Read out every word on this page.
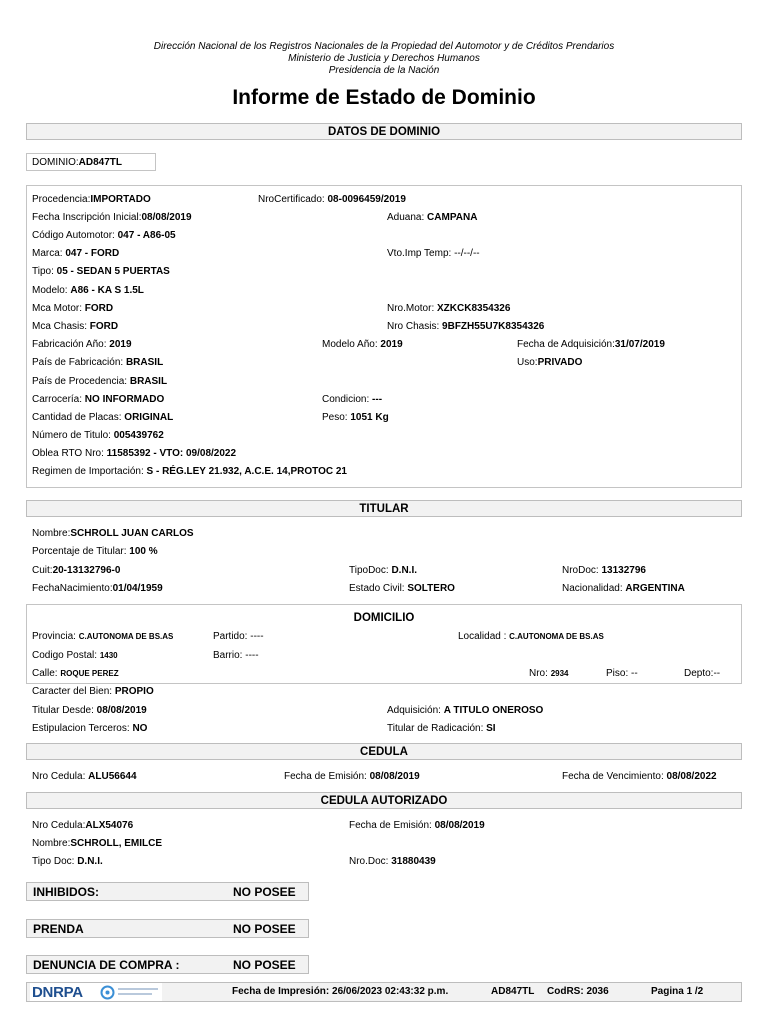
Dirección Nacional de los Registros Nacionales de la Propiedad del Automotor y de Créditos Prendarios
Ministerio de Justicia y Derechos Humanos
Presidencia de la Nación
Informe de Estado de Dominio
DATOS DE DOMINIO
DOMINIO:AD847TL
Procedencia:IMPORTADO	NroCertificado: 08-0096459/2019
Fecha Inscripción Inicial:08/08/2019	Aduana: CAMPANA
Código Automotor: 047 - A86-05
Marca: 047 - FORD	Vto.Imp Temp: --/--/--
Tipo: 05 - SEDAN 5 PUERTAS
Modelo: A86 - KA S 1.5L
Mca Motor: FORD	Nro.Motor: XZKCK8354326
Mca Chasis: FORD	Nro Chasis: 9BFZH55U7K8354326
Fabricación Año: 2019	Modelo Año: 2019	Fecha de Adquisición:31/07/2019
País de Fabricación: BRASIL	Uso:PRIVADO
País de Procedencia: BRASIL
Carrocería: NO INFORMADO	Condicion: ---
Cantidad de Placas: ORIGINAL	Peso: 1051 Kg
Número de Titulo: 005439762
Oblea RTO Nro: 11585392 - VTO: 09/08/2022
Regimen de Importación: S - RÉG.LEY 21.932, A.C.E. 14,PROTOC 21
TITULAR
Nombre:SCHROLL JUAN CARLOS
Porcentaje de Titular: 100 %
Cuit:20-13132796-0	TipoDoc: D.N.I.	NroDoc: 13132796
FechaNacimiento:01/04/1959	Estado Civil: SOLTERO	Nacionalidad: ARGENTINA
DOMICILIO
Provincia: C.AUTONOMA DE BS.AS	Partido: ----	Localidad : C.AUTONOMA DE BS.AS
Codigo Postal: 1430	Barrio: ----
Calle: ROQUE PEREZ	Nro: 2934	Piso: --	Depto:--
Caracter del Bien: PROPIO
Titular Desde: 08/08/2019	Adquisición: A TITULO ONEROSO
Estipulacion Terceros: NO	Titular de Radicación: SI
CEDULA
Nro Cedula: ALU56644	Fecha de Emisión: 08/08/2019	Fecha de Vencimiento: 08/08/2022
CEDULA AUTORIZADO
Nro Cedula:ALX54076	Fecha de Emisión: 08/08/2019
Nombre:SCHROLL, EMILCE
Tipo Doc: D.N.I.	Nro.Doc: 31880439
INHIBIDOS:	NO POSEE
PRENDA	NO POSEE
DENUNCIA DE COMPRA :	NO POSEE
DNRPA	Fecha de Impresión: 26/06/2023 02:43:32 p.m.	AD847TL CodRS: 2036	Pagina 1 /2
